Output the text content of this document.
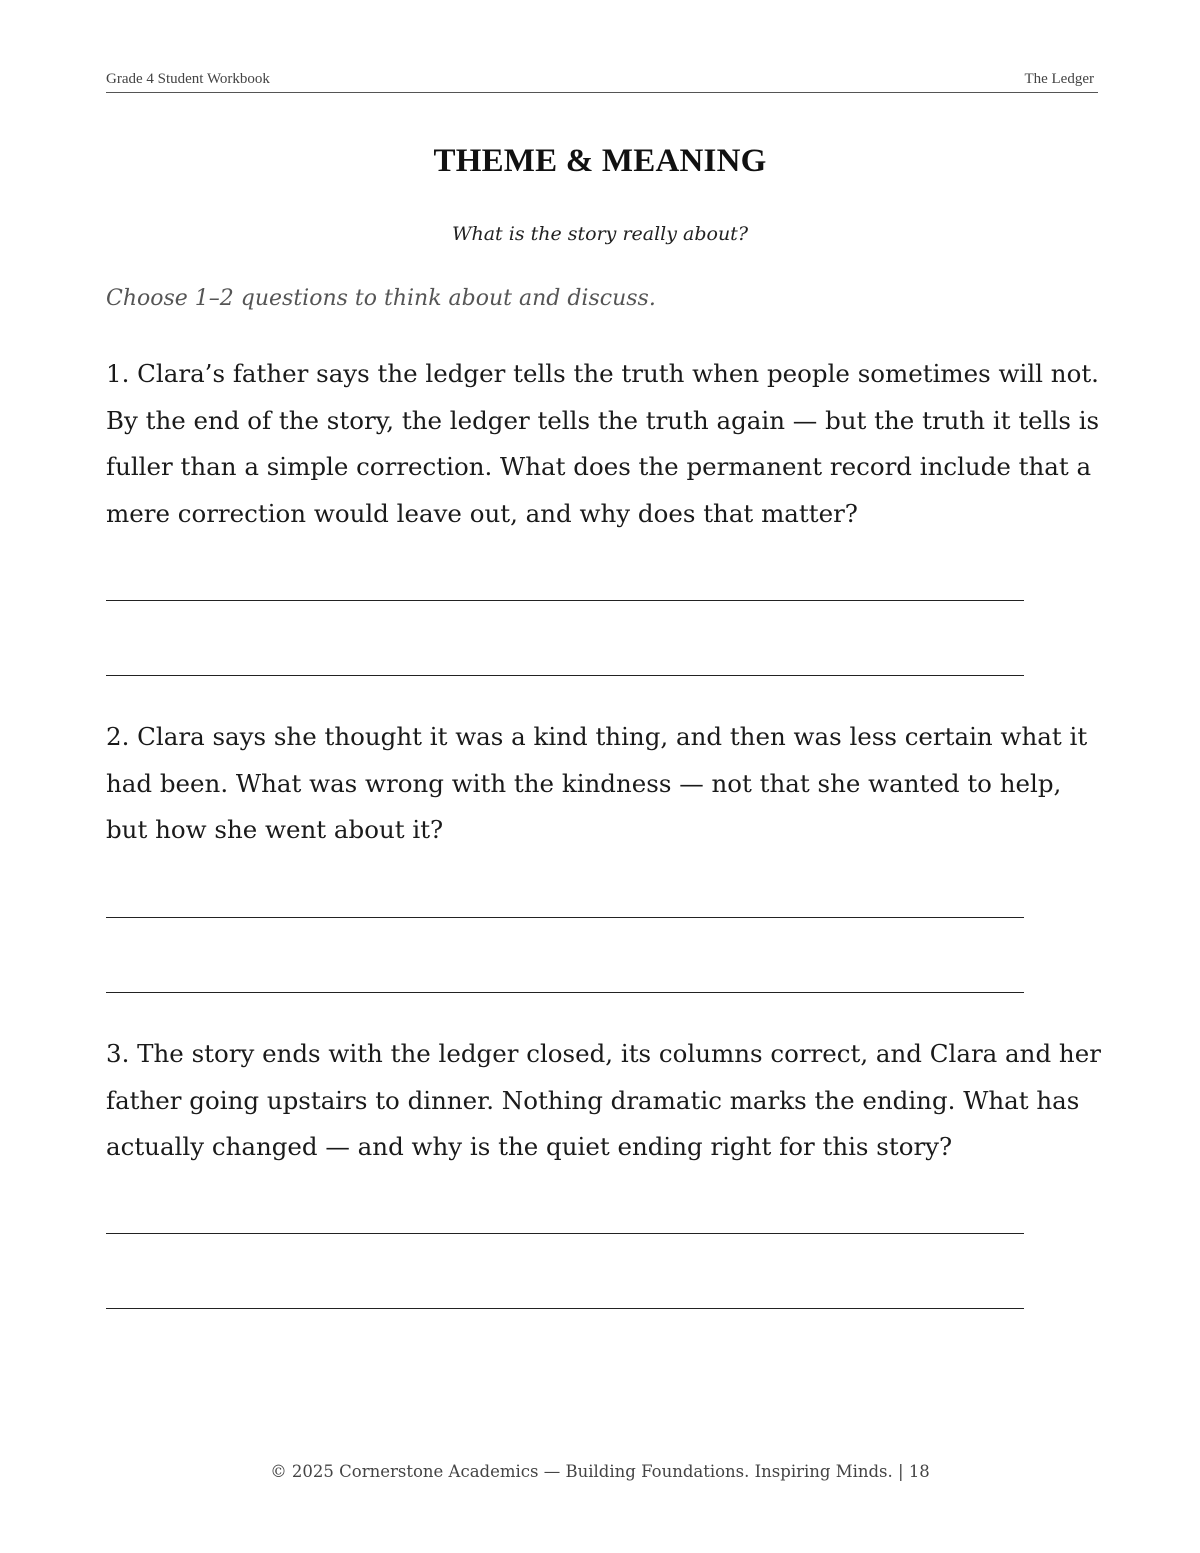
Grade 4 Student Workbook	The Ledger
THEME & MEANING
What is the story really about?
Choose 1–2 questions to think about and discuss.
1. Clara’s father says the ledger tells the truth when people sometimes will not. By the end of the story, the ledger tells the truth again — but the truth it tells is fuller than a simple correction. What does the permanent record include that a mere correction would leave out, and why does that matter?
2. Clara says she thought it was a kind thing, and then was less certain what it had been. What was wrong with the kindness — not that she wanted to help, but how she went about it?
3. The story ends with the ledger closed, its columns correct, and Clara and her father going upstairs to dinner. Nothing dramatic marks the ending. What has actually changed — and why is the quiet ending right for this story?
© 2025 Cornerstone Academics — Building Foundations. Inspiring Minds. | 18
